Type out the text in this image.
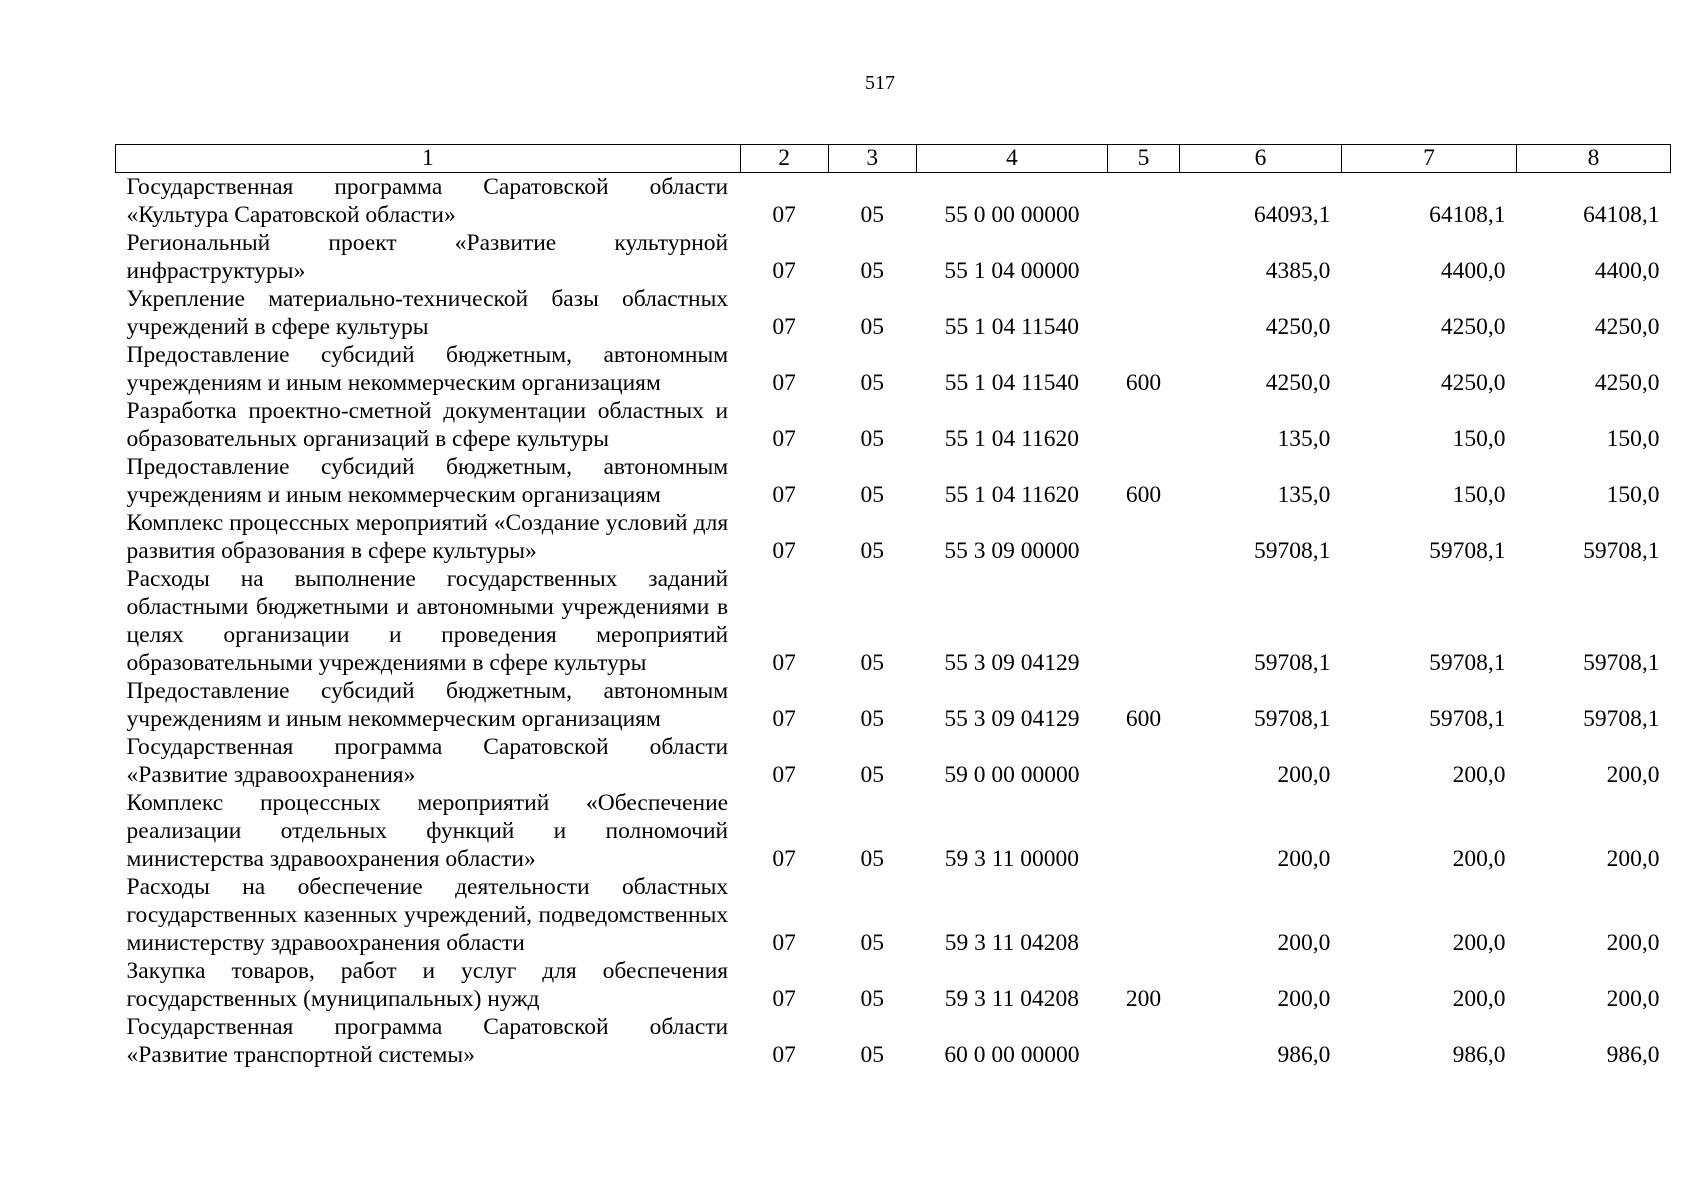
517
1	2	3	4	5	6	7	8
Государственная программа Саратовской области «Культура Саратовской области»	07	05	55 0 00 00000		64093,1	64108,1	64108,1
Региональный проект «Развитие культурной инфраструктуры»	07	05	55 1 04 00000		4385,0	4400,0	4400,0
Укрепление материально-технической базы областных учреждений в сфере культуры	07	05	55 1 04 11540		4250,0	4250,0	4250,0
Предоставление субсидий бюджетным, автономным учреждениям и иным некоммерческим организациям	07	05	55 1 04 11540	600	4250,0	4250,0	4250,0
Разработка проектно-сметной документации областных и образовательных организаций в сфере культуры	07	05	55 1 04 11620		135,0	150,0	150,0
Предоставление субсидий бюджетным, автономным учреждениям и иным некоммерческим организациям	07	05	55 1 04 11620	600	135,0	150,0	150,0
Комплекс процессных мероприятий «Создание условий для развития образования в сфере культуры»	07	05	55 3 09 00000		59708,1	59708,1	59708,1
Расходы на выполнение государственных заданий областными бюджетными и автономными учреждениями в целях организации и проведения мероприятий образовательными учреждениями в сфере культуры	07	05	55 3 09 04129		59708,1	59708,1	59708,1
Предоставление субсидий бюджетным, автономным учреждениям и иным некоммерческим организациям	07	05	55 3 09 04129	600	59708,1	59708,1	59708,1
Государственная программа Саратовской области «Развитие здравоохранения»	07	05	59 0 00 00000		200,0	200,0	200,0
Комплекс процессных мероприятий «Обеспечение реализации отдельных функций и полномочий министерства здравоохранения области»	07	05	59 3 11 00000		200,0	200,0	200,0
Расходы на обеспечение деятельности областных государственных казенных учреждений, подведомственных министерству здравоохранения области	07	05	59 3 11 04208		200,0	200,0	200,0
Закупка товаров, работ и услуг для обеспечения государственных (муниципальных) нужд	07	05	59 3 11 04208	200	200,0	200,0	200,0
Государственная программа Саратовской области «Развитие транспортной системы»	07	05	60 0 00 00000		986,0	986,0	986,0
